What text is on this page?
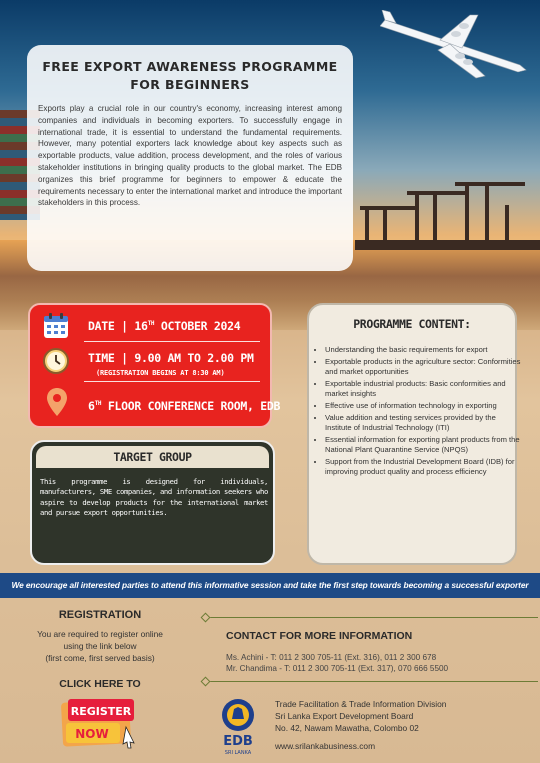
FREE EXPORT AWARENESS PROGRAMME
FOR BEGINNERS

Exports play a crucial role in our country's economy, increasing interest among companies and individuals in becoming exporters. To successfully engage in international trade, it is essential to understand the fundamental requirements. However, many potential exporters lack knowledge about key aspects such as exportable products, value addition, process development, and the roles of various stakeholder institutions in bringing quality products to the global market. The EDB organizes this brief programme for beginners to empower & educate the requirements necessary to enter the international market and introduce the important stakeholders in this process.

DATE | 16TH OCTOBER 2024
TIME | 9.00 AM TO 2.00 PM
(REGISTRATION BEGINS AT 8:30 AM)
6TH FLOOR CONFERENCE ROOM, EDB
TARGET GROUP

This programme is designed for individuals, manufacturers, SME companies, and information seekers who aspire to develop products for the international market and pursue export opportunities.

PROGRAMME CONTENT:
• Understanding the basic requirements for export
• Exportable products in the agriculture sector: Conformities and market opportunities
• Exportable industrial products: Basic conformities and market insights
• Effective use of information technology in exporting
• Value addition and testing services provided by the Institute of Industrial Technology (ITI)
• Essential information for exporting plant products from the National Plant Quarantine Service (NPQS)
• Support from the Industrial Development Board (IDB) for improving product quality and process efficiency
We encourage all interested parties to attend this informative session and take the first step towards becoming a successful exporter
REGISTRATION
You are required to register online
using the link below
(first come, first served basis)
CLICK HERE TO
REGISTER
NOW
CONTACT FOR MORE INFORMATION
Ms. Achini - T: 011 2 300 705-11 (Ext. 316), 011 2 300 678
Mr. Chandima - T: 011 2 300 705-11 (Ext. 317), 070 666 5500
EDB
SRI LANKA
Trade Facilitation & Trade Information Division
Sri Lanka Export Development Board
No. 42, Nawam Mawatha, Colombo 02
www.srilankabusiness.com
